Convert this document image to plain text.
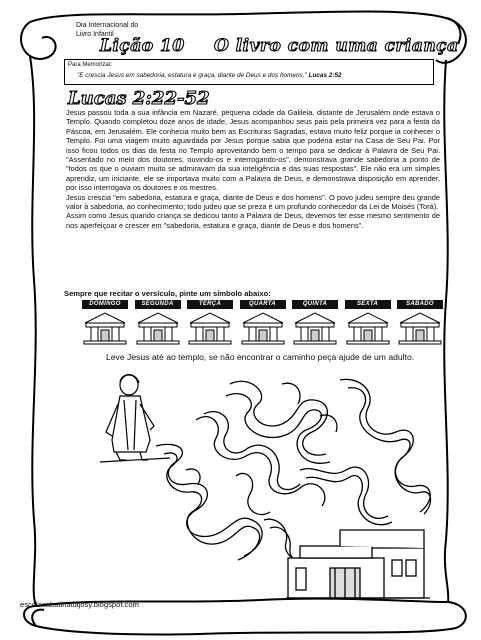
Dia Internacional do
Livro Infantil
Lição 10 O livro com uma criança
Para Memorizar:
"E crescia Jesus em sabedoria, estatura e graça, diante de Deus e dos homens." Lucas 2:52
Lucas 2:22-52

Jesus passou toda a sua infância em Nazaré, pequena cidade da Galileia, distante de Jerusalém onde estava o Templo. Quando completou doze anos de idade, Jesus acompanhou seus pais pela primeira vez para a festa da Páscoa, em Jerusalém. Ele conhecia muito bem as Escrituras Sagradas, estava muito feliz porque ia conhecer o Templo. Foi uma viagem muito aguardada por Jesus porque sabia que poderia estar na Casa de Seu Pai. Por isso ficou todos os dias da festa no Templo aproveitando bem o tempo para se dedicar à Palavra de Seu Pai. "Assentado no meio dos doutores, ouvindo-os e interrogando-os", demonstrava grande sabedoria a ponto de "todos os que o ouviam muito se admiravam da sua inteligência e das suas respostas". Ele não era um simples aprendiz, um iniciante, ele se importava muito com a Palavra de Deus, e demonstrava disposição em aprender, por isso interrogava os doutores e os mestres.

Jesus crescia "em sabedoria, estatura e graça, diante de Deus e dos homens". O povo judeu sempre deu grande valor à sabedoria, ao conhecimento; todo judeu que se preza é um profundo conhecedor da Lei de Moisés (Torá).

Assim como Jesus quando criança se dedicou tanto a Palavra de Deus, devemos ter esse mesmo sentimento de nos aperfeiçoar e crescer em "sabedoria, estatura e graça, diante de Deus e dos homens".

Sempre que recitar o versículo, pinte um símbolo abaixo:
DOMINGO	SEGUNDA	TERÇA	QUARTA	QUINTA	SEXTA	SÁBADO
Leve Jesus até ao templo, se não encontrar o caminho peça ajude de um adulto.
escolasabatinatiajosy.blogspot.com
